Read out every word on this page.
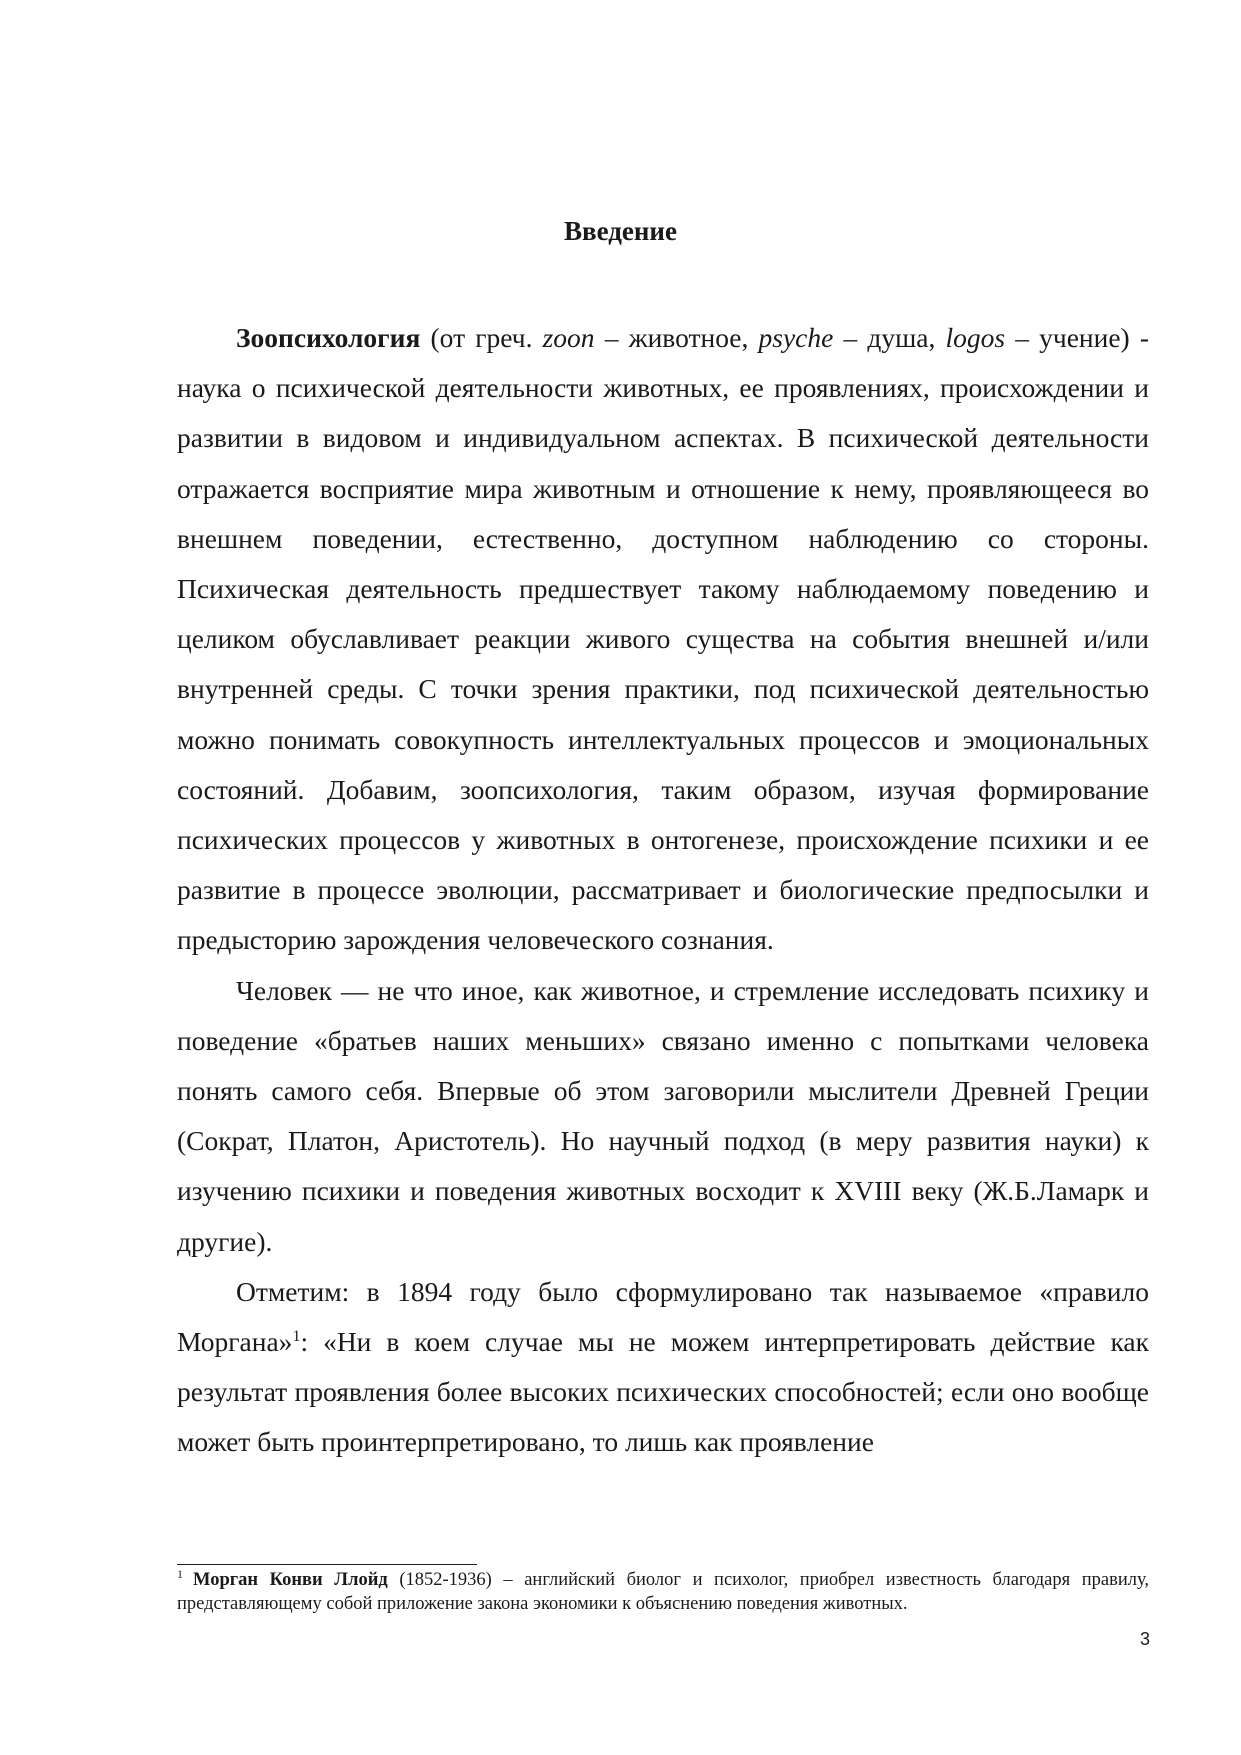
Введение

Зоопсихология (от греч. zoon – животное, psyche – душа, logos – учение) - наука о психической деятельности животных, ее проявлениях, происхождении и развитии в видовом и индивидуальном аспектах. В психической деятельности отражается восприятие мира животным и отношение к нему, проявляющееся во внешнем поведении, естественно, доступном наблюдению со стороны. Психическая деятельность предшествует такому наблюдаемому поведению и целиком обуславливает реакции живого существа на события внешней и/или внутренней среды. С точки зрения практики, под психической деятельностью можно понимать совокупность интеллектуальных процессов и эмоциональных состояний. Добавим, зоопсихология, таким образом, изучая формирование психических процессов у животных в онтогенезе, происхождение психики и ее развитие в процессе эволюции, рассматривает и биологические предпосылки и предысторию зарождения человеческого сознания.

Человек — не что иное, как животное, и стремление исследовать психику и поведение «братьев наших меньших» связано именно с попытками человека понять самого себя. Впервые об этом заговорили мыслители Древней Греции (Сократ, Платон, Аристотель). Но научный подход (в меру развития науки) к изучению психики и поведения животных восходит к XVIII веку (Ж.Б.Ламарк и другие).

Отметим: в 1894 году было сформулировано так называемое «правило Моргана»$^1$: «Ни в коем случае мы не можем интерпретировать действие как результат проявления более высоких психических способностей; если оно вообще может быть проинтерпретировано, то лишь как проявление

$^1$ Морган Конви Ллойд (1852-1936) – английский биолог и психолог, приобрел известность благодаря правилу, представляющему собой приложение закона экономики к объяснению поведения животных.
3
